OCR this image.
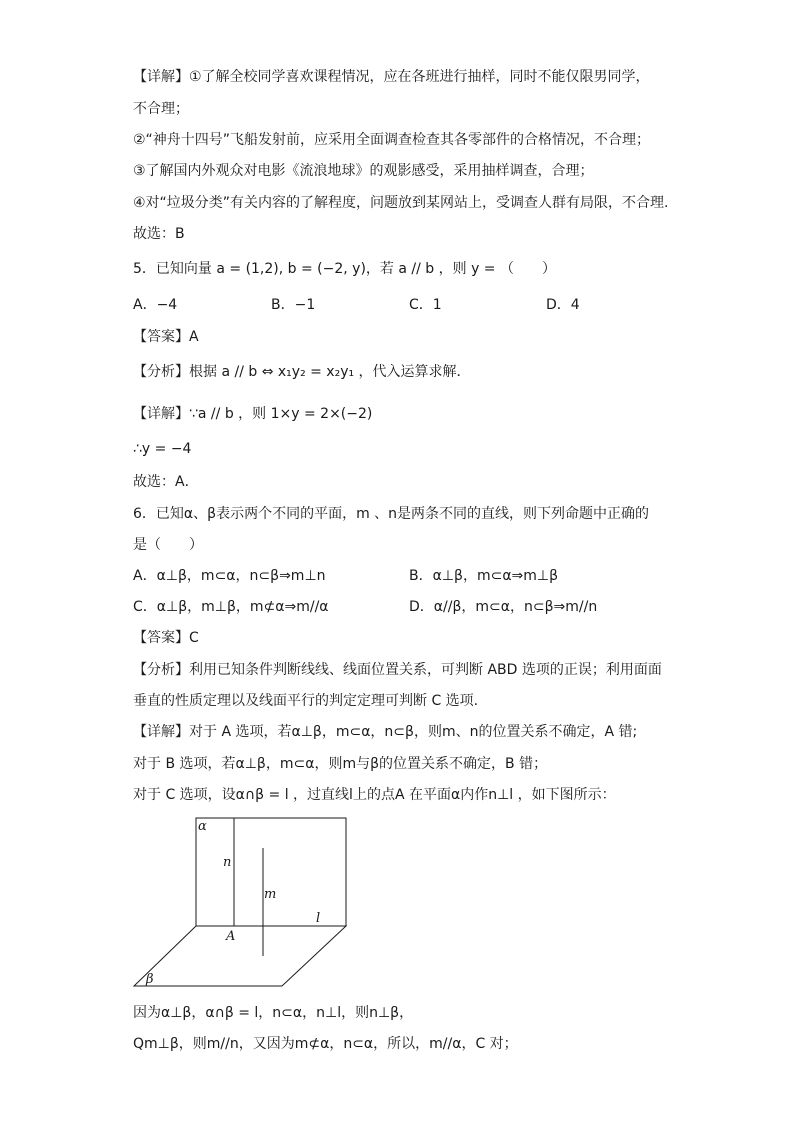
【详解】①了解全校同学喜欢课程情况，应在各班进行抽样，同时不能仅限男同学，
不合理；
②“神舟十四号”飞船发射前，应采用全面调查检查其各零部件的合格情况，不合理；
③了解国内外观众对电影《流浪地球》的观影感受，采用抽样调查，合理；
④对“垃圾分类”有关内容的了解程度，问题放到某网站上，受调查人群有局限，不合理.
故选：B
5．已知向量 a = (1,2), b = (−2, y)，若 a // b ，则 y = （　　）
A．−4	B．−1	C．1	D．4
【答案】A
【分析】根据 a // b ⇔ x₁y₂ = x₂y₁ ，代入运算求解．
【详解】∵a // b ，则 1×y = 2×(−2)
∴y = −4
故选：A．
6．已知α、β表示两个不同的平面，m 、n是两条不同的直线，则下列命题中正确的
是（　　）
A．α⊥β，m⊂α，n⊂β⇒m⊥n	B．α⊥β，m⊂α⇒m⊥β
C．α⊥β，m⊥β，m⊄α⇒m//α	D．α//β，m⊂α，n⊂β⇒m//n
【答案】C
【分析】利用已知条件判断线线、线面位置关系，可判断 ABD 选项的正误；利用面面
垂直的性质定理以及线面平行的判定定理可判断 C 选项.
【详解】对于 A 选项，若α⊥β，m⊂α，n⊂β，则m、n的位置关系不确定，A 错;
对于 B 选项，若α⊥β，m⊂α，则m与β的位置关系不确定，B 错；
对于 C 选项，设α∩β = l ，过直线l上的点A 在平面α内作n⊥l ，如下图所示：
α
n
m
l
A
β
因为α⊥β，α∩β = l，n⊂α，n⊥l，则n⊥β，
Qm⊥β，则m//n，又因为m⊄α，n⊂α，所以，m//α，C 对；
